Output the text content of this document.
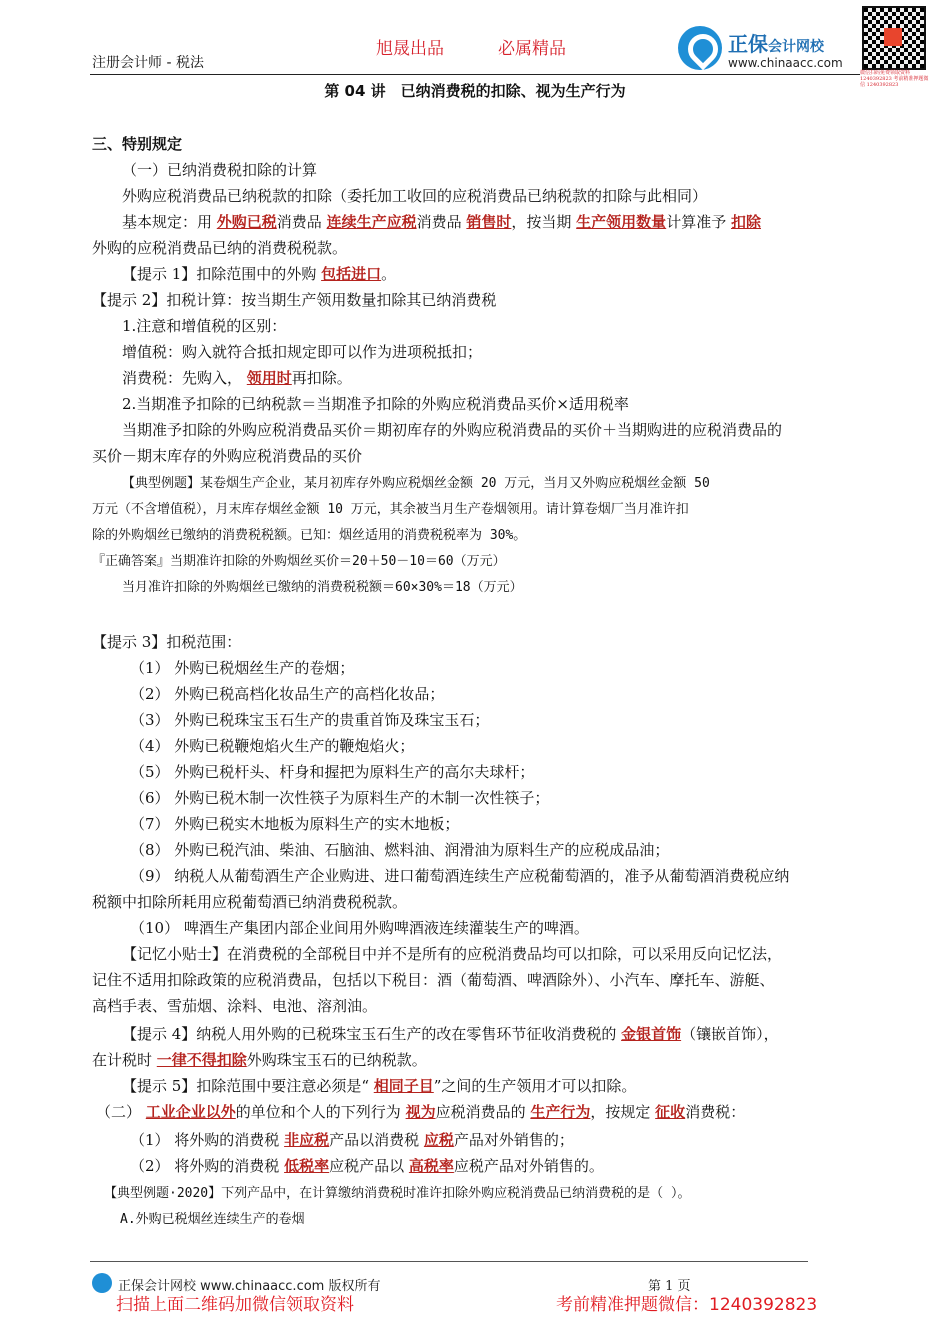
注册会计师 - 税法
旭晟出品	必属精品	正保会计网校
www.chinaacc.com
微信扫码免费领取资料 1240392823 考前精准押题微信 1240392823
第 04 讲　已纳消费税的扣除、视为生产行为
三、特别规定
（一）已纳消费税扣除的计算
外购应税消费品已纳税款的扣除（委托加工收回的应税消费品已纳税款的扣除与此相同）
基本规定：用 外购已税消费品 连续生产应税消费品 销售时，按当期 生产领用数量计算准予 扣除
外购的应税消费品已纳的消费税税款。
【提示 1】扣除范围中的外购 包括进口。
【提示 2】扣税计算：按当期生产领用数量扣除其已纳消费税
1.注意和增值税的区别：
增值税：购入就符合抵扣规定即可以作为进项税抵扣；
消费税：先购入， 领用时再扣除。
2.当期准予扣除的已纳税款＝当期准予扣除的外购应税消费品买价×适用税率
当期准予扣除的外购应税消费品买价＝期初库存的外购应税消费品的买价＋当期购进的应税消费品的
买价－期末库存的外购应税消费品的买价
【典型例题】某卷烟生产企业，某月初库存外购应税烟丝金额 20 万元，当月又外购应税烟丝金额 50
万元（不含增值税），月末库存烟丝金额 10 万元，其余被当月生产卷烟领用。请计算卷烟厂当月准许扣
除的外购烟丝已缴纳的消费税税额。已知：烟丝适用的消费税税率为 30%。
『正确答案』当期准许扣除的外购烟丝买价＝20＋50－10＝60（万元）
当月准许扣除的外购烟丝已缴纳的消费税税额＝60×30%＝18（万元）
【提示 3】扣税范围：
（1） 外购已税烟丝生产的卷烟；
（2） 外购已税高档化妆品生产的高档化妆品；
（3） 外购已税珠宝玉石生产的贵重首饰及珠宝玉石；
（4） 外购已税鞭炮焰火生产的鞭炮焰火；
（5） 外购已税杆头、杆身和握把为原料生产的高尔夫球杆；
（6） 外购已税木制一次性筷子为原料生产的木制一次性筷子；
（7） 外购已税实木地板为原料生产的实木地板；
（8） 外购已税汽油、柴油、石脑油、燃料油、润滑油为原料生产的应税成品油；
（9） 纳税人从葡萄酒生产企业购进、进口葡萄酒连续生产应税葡萄酒的，准予从葡萄酒消费税应纳
税额中扣除所耗用应税葡萄酒已纳消费税税款。
（10） 啤酒生产集团内部企业间用外购啤酒液连续灌装生产的啤酒。
【记忆小贴士】在消费税的全部税目中并不是所有的应税消费品均可以扣除，可以采用反向记忆法，
记住不适用扣除政策的应税消费品，包括以下税目：酒（葡萄酒、啤酒除外）、小汽车、摩托车、游艇、
高档手表、雪茄烟、涂料、电池、溶剂油。
【提示 4】纳税人用外购的已税珠宝玉石生产的改在零售环节征收消费税的 金银首饰（镶嵌首饰），
在计税时 一律不得扣除外购珠宝玉石的已纳税款。
【提示 5】扣除范围中要注意必须是“ 相同子目”之间的生产领用才可以扣除。
（二） 工业企业以外的单位和个人的下列行为 视为应税消费品的 生产行为，按规定 征收消费税：
（1） 将外购的消费税 非应税产品以消费税 应税产品对外销售的；
（2） 将外购的消费税 低税率应税产品以 高税率应税产品对外销售的。
【典型例题·2020】下列产品中，在计算缴纳消费税时准许扣除外购应税消费品已纳消费税的是（ ）。
A.外购已税烟丝连续生产的卷烟
正保会计网校 www.chinaacc.com 版权所有	第 1 页
扫描上面二维码加微信领取资料	考前精准押题微信：1240392823
